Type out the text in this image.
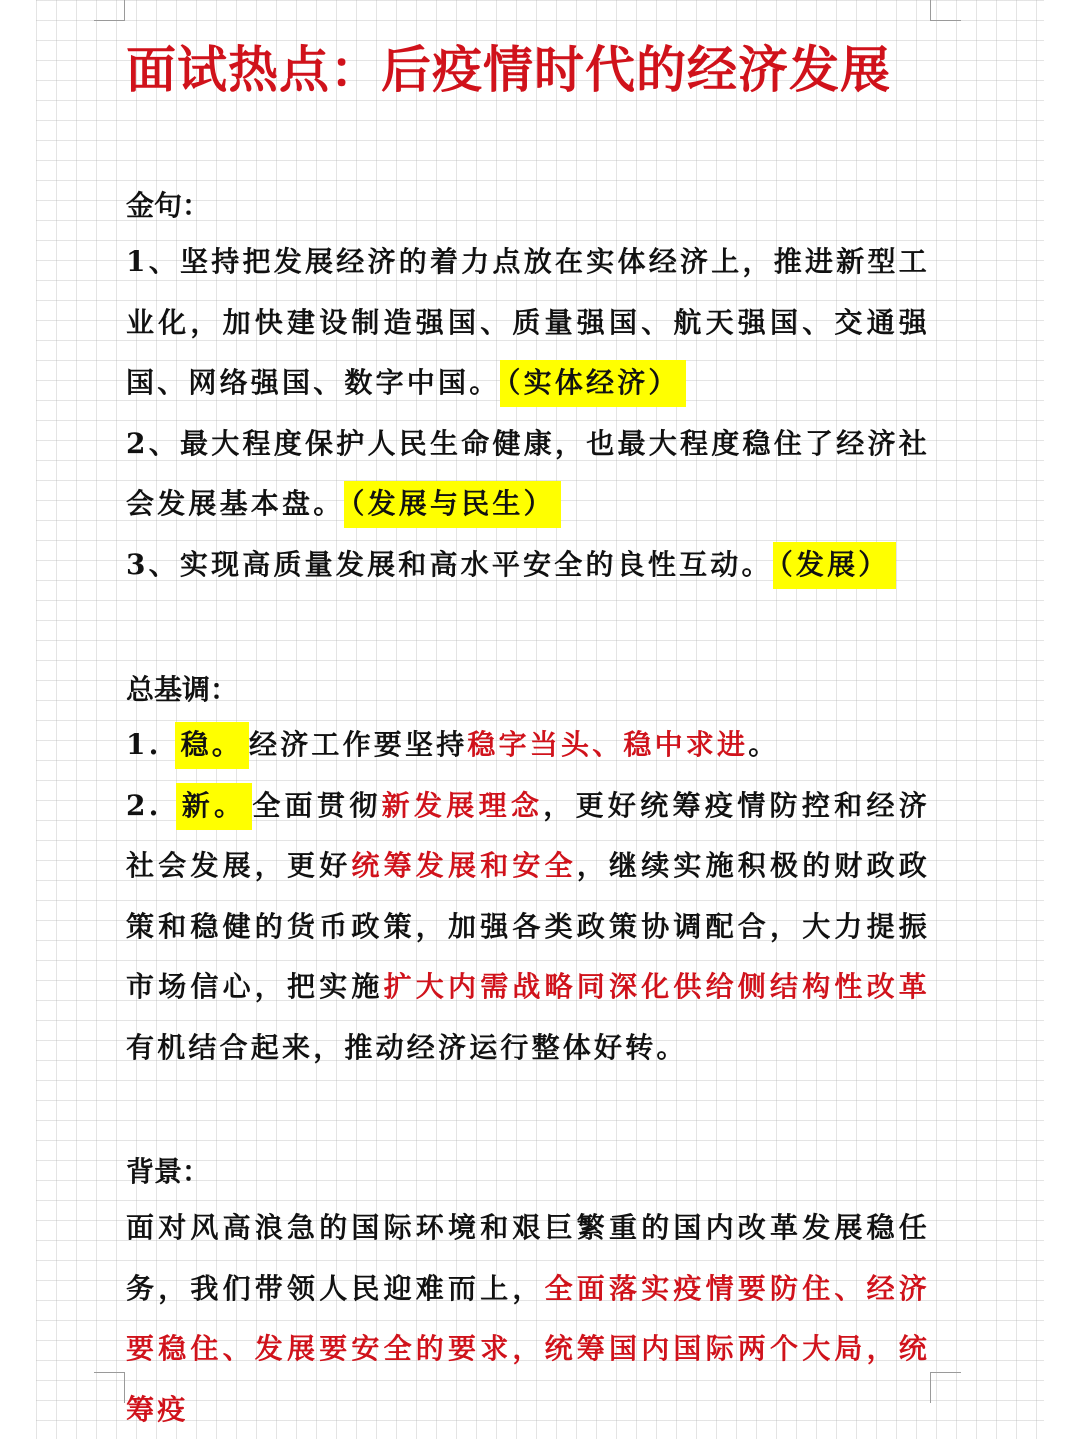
面试热点：后疫情时代的经济发展
金句：

1、坚持把发展经济的着力点放在实体经济上，推进新型工业化，加快建设制造强国、质量强国、航天强国、交通强国、网络强国、数字中国。 （实体经济）

2、最大程度保护人民生命健康，也最大程度稳住了经济社会发展基本盘。 （发展与民生）

3、实现高质量发展和高水平安全的良性互动。 （发展）

总基调：

1. 稳。 经济工作要坚持稳字当头、稳中求进。

2. 新。 全面贯彻新发展理念，更好统筹疫情防控和经济社会发展，更好统筹发展和安全，继续实施积极的财政政策和稳健的货币政策，加强各类政策协调配合，大力提振市场信心，把实施扩大内需战略同深化供给侧结构性改革有机结合起来，推动经济运行整体好转。

背景：

面对风高浪急的国际环境和艰巨繁重的国内改革发展稳任务，我们带领人民迎难而上，全面落实疫情要防住、经济要稳住、发展要安全的要求，统筹国内国际两个大局，统筹疫
